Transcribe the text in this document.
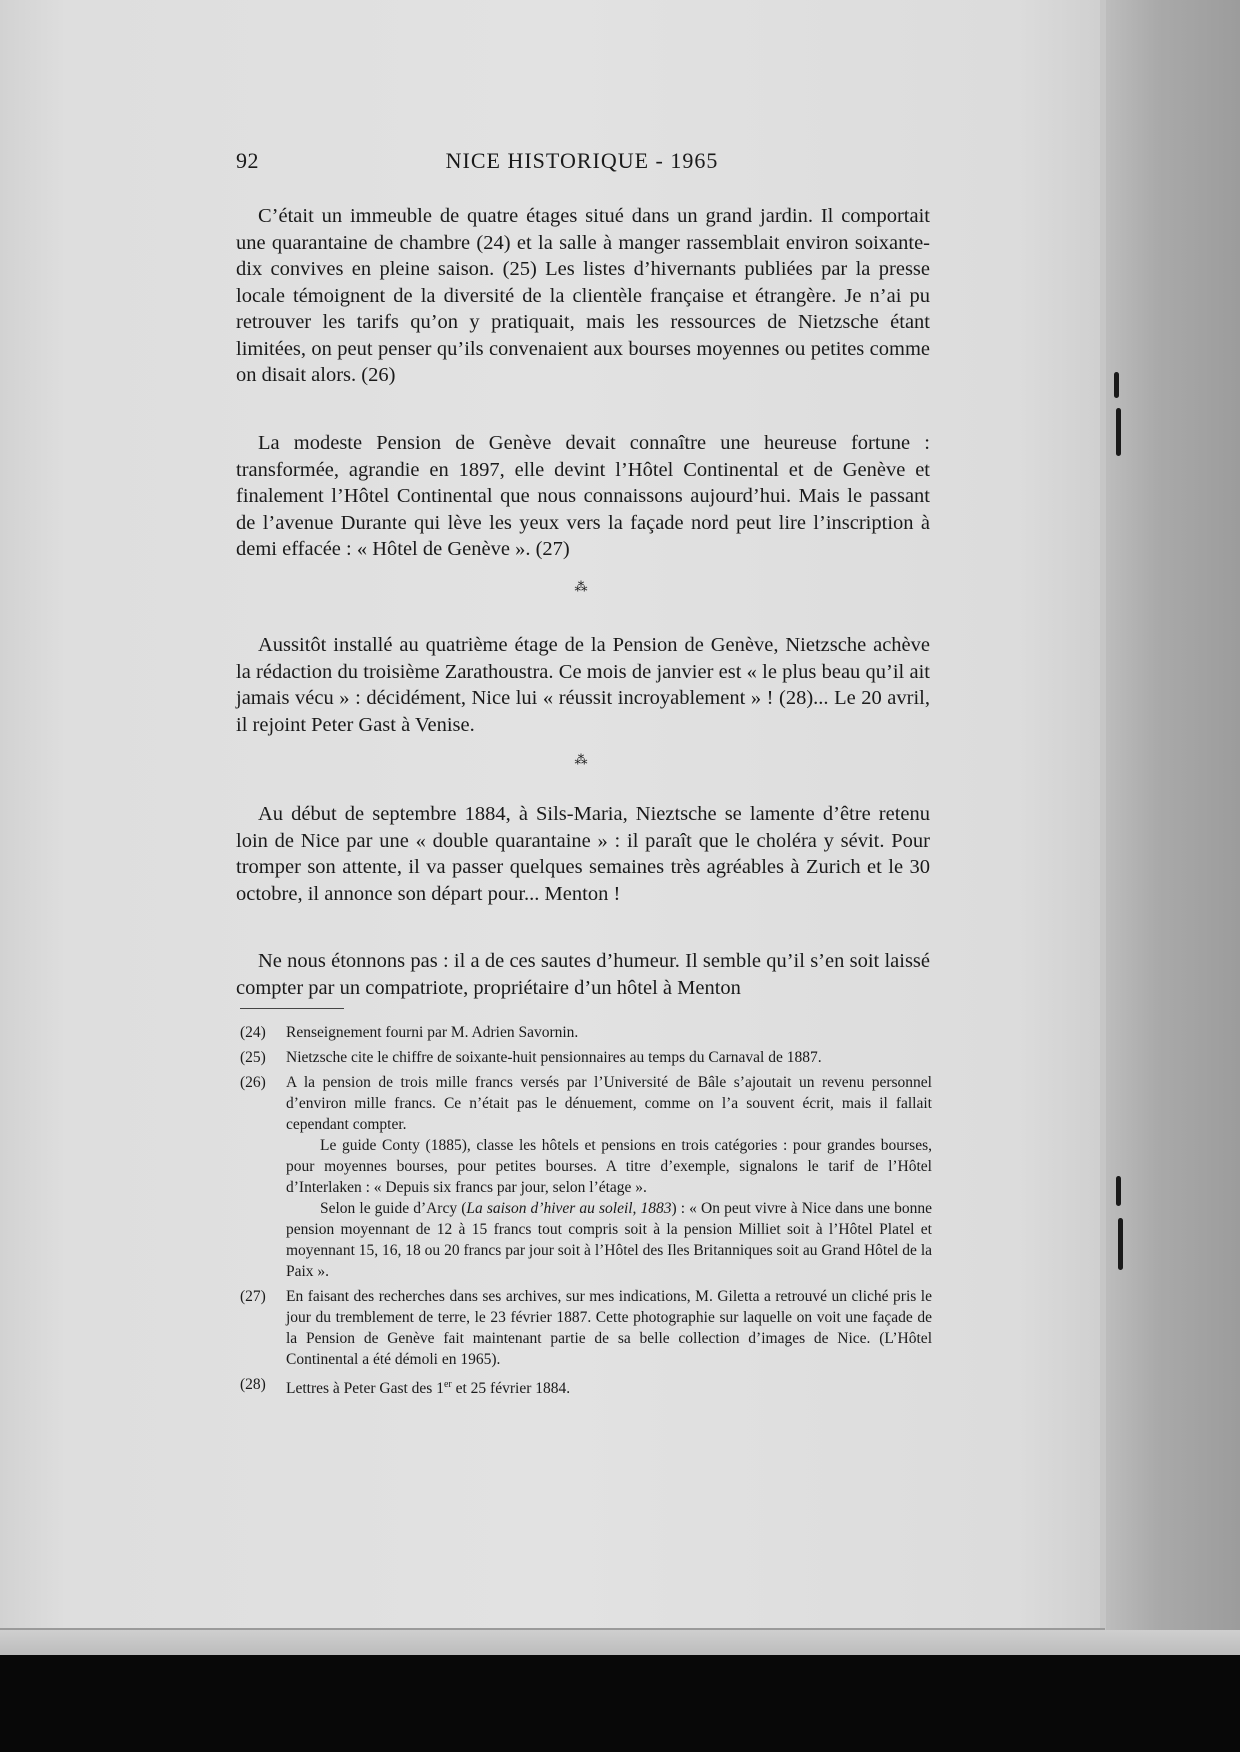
92	NICE HISTORIQUE - 1965

C’était un immeuble de quatre étages situé dans un grand jardin. Il comportait une quarantaine de chambre (24) et la salle à manger rassemblait environ soixante-dix convives en pleine saison. (25) Les listes d’hivernants publiées par la presse locale témoignent de la diversité de la clientèle française et étrangère. Je n’ai pu retrouver les tarifs qu’on y pratiquait, mais les ressources de Nietzsche étant limitées, on peut penser qu’ils convenaient aux bourses moyennes ou petites comme on disait alors. (26)

La modeste Pension de Genève devait connaître une heureuse fortune : transformée, agrandie en 1897, elle devint l’Hôtel Continental et de Genève et finalement l’Hôtel Continental que nous connaissons aujourd’hui. Mais le passant de l’avenue Durante qui lève les yeux vers la façade nord peut lire l’inscription à demi effacée : « Hôtel de Genève ». (27)

⁂

Aussitôt installé au quatrième étage de la Pension de Genève, Nietzsche achève la rédaction du troisième Zarathoustra. Ce mois de janvier est « le plus beau qu’il ait jamais vécu » : décidément, Nice lui « réussit incroyablement » ! (28)... Le 20 avril, il rejoint Peter Gast à Venise.

⁂

Au début de septembre 1884, à Sils-Maria, Nieztsche se lamente d’être retenu loin de Nice par une « double quarantaine » : il paraît que le choléra y sévit. Pour tromper son attente, il va passer quelques semaines très agréables à Zurich et le 30 octobre, il annonce son départ pour... Menton !

Ne nous étonnons pas : il a de ces sautes d’humeur. Il semble qu’il s’en soit laissé compter par un compatriote, propriétaire d’un hôtel à Menton

(24) Renseignement fourni par M. Adrien Savornin.

(25) Nietzsche cite le chiffre de soixante-huit pensionnaires au temps du Carnaval de 1887.

(26) A la pension de trois mille francs versés par l’Université de Bâle s’ajoutait un revenu personnel d’environ mille francs. Ce n’était pas le dénuement, comme on l’a souvent écrit, mais il fallait cependant compter.

Le guide Conty (1885), classe les hôtels et pensions en trois catégories : pour grandes bourses, pour moyennes bourses, pour petites bourses. A titre d’exemple, signalons le tarif de l’Hôtel d’Interlaken : « Depuis six francs par jour, selon l’étage ».

Selon le guide d’Arcy (La saison d’hiver au soleil, 1883) : « On peut vivre à Nice dans une bonne pension moyennant de 12 à 15 francs tout compris soit à la pension Milliet soit à l’Hôtel Platel et moyennant 15, 16, 18 ou 20 francs par jour soit à l’Hôtel des Iles Britanniques soit au Grand Hôtel de la Paix ».

(27) En faisant des recherches dans ses archives, sur mes indications, M. Giletta a retrouvé un cliché pris le jour du tremblement de terre, le 23 février 1887. Cette photographie sur laquelle on voit une façade de la Pension de Genève fait maintenant partie de sa belle collection d’images de Nice. (L’Hôtel Continental a été démoli en 1965).

(28) Lettres à Peter Gast des 1er et 25 février 1884.
